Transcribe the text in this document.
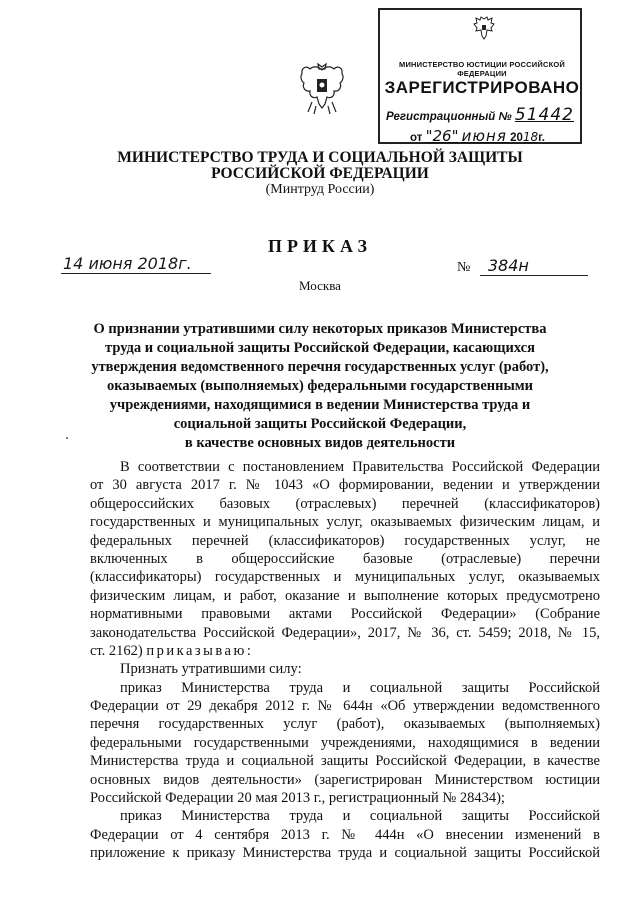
МИНИСТЕРСТВО ЮСТИЦИИ РОССИЙСКОЙ ФЕДЕРАЦИИ
ЗАРЕГИСТРИРОВАНО
Регистрационный № 51442
от "26" июня 2018г.
МИНИСТЕРСТВО ТРУДА И СОЦИАЛЬНОЙ ЗАЩИТЫ
РОССИЙСКОЙ ФЕДЕРАЦИИ
(Минтруд России)
ПРИКАЗ
14 июня 2018г.	№ 384н
Москва
О признании утратившими силу некоторых приказов Министерства
труда и социальной защиты Российской Федерации, касающихся
утверждения ведомственного перечня государственных услуг (работ),
оказываемых (выполняемых) федеральными государственными
учреждениями, находящимися в ведении Министерства труда и
социальной защиты Российской Федерации,
в качестве основных видов деятельности
В соответствии с постановлением Правительства Российской Федерации
от 30 августа 2017 г. № 1043 «О формировании, ведении и утверждении
общероссийских базовых (отраслевых) перечней (классификаторов)
государственных и муниципальных услуг, оказываемых физическим лицам, и
федеральных перечней (классификаторов) государственных услуг, не
включенных в общероссийские базовые (отраслевые) перечни
(классификаторы) государственных и муниципальных услуг, оказываемых
физическим лицам, и работ, оказание и выполнение которых предусмотрено
нормативными правовыми актами Российской Федерации» (Собрание
законодательства Российской Федерации», 2017, № 36, ст. 5459; 2018, № 15,
ст. 2162) приказываю:
Признать утратившими силу:
приказ Министерства труда и социальной защиты Российской
Федерации от 29 декабря 2012 г. № 644н «Об утверждении ведомственного
перечня государственных услуг (работ), оказываемых (выполняемых)
федеральными государственными учреждениями, находящимися в ведении
Министерства труда и социальной защиты Российской Федерации, в качестве
основных видов деятельности» (зарегистрирован Министерством юстиции
Российской Федерации 20 мая 2013 г., регистрационный № 28434);
приказ Министерства труда и социальной защиты Российской
Федерации от 4 сентября 2013 г. № 444н «О внесении изменений в
приложение к приказу Министерства труда и социальной защиты Российской
